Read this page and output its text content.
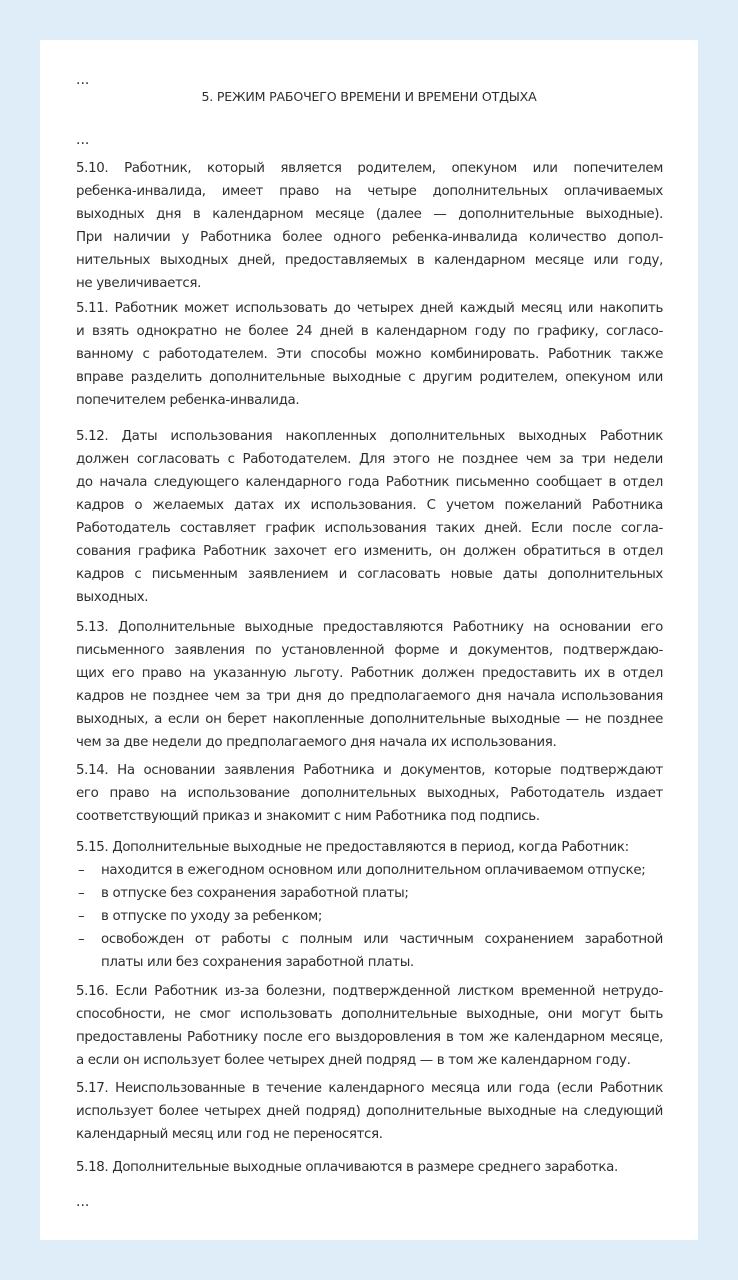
...
5. РЕЖИМ РАБОЧЕГО ВРЕМЕНИ И ВРЕМЕНИ ОТДЫХА
...
5.10. Работник, который является родителем, опекуном или попечителем
ребенка-инвалида, имеет право на четыре дополнительных оплачиваемых
выходных дня в календарном месяце (далее — дополнительные выходные).
При наличии у Работника более одного ребенка-инвалида количество допол-
нительных выходных дней, предоставляемых в календарном месяце или году,
не увеличивается.
5.11. Работник может использовать до четырех дней каждый месяц или накопить
и взять однократно не более 24 дней в календарном году по графику, согласо-
ванному с работодателем. Эти способы можно комбинировать. Работник также
вправе разделить дополнительные выходные с другим родителем, опекуном или
попечителем ребенка-инвалида.
5.12. Даты использования накопленных дополнительных выходных Работник
должен согласовать с Работодателем. Для этого не позднее чем за три недели
до начала следующего календарного года Работник письменно сообщает в отдел
кадров о желаемых датах их использования. С учетом пожеланий Работника
Работодатель составляет график использования таких дней. Если после согла-
сования графика Работник захочет его изменить, он должен обратиться в отдел
кадров с письменным заявлением и согласовать новые даты дополнительных
выходных.
5.13. Дополнительные выходные предоставляются Работнику на основании его
письменного заявления по установленной форме и документов, подтверждаю-
щих его право на указанную льготу. Работник должен предоставить их в отдел
кадров не позднее чем за три дня до предполагаемого дня начала использования
выходных, а если он берет накопленные дополнительные выходные — не позднее
чем за две недели до предполагаемого дня начала их использования.
5.14. На основании заявления Работника и документов, которые подтверждают
его право на использование дополнительных выходных, Работодатель издает
соответствующий приказ и знакомит с ним Работника под подпись.
5.15. Дополнительные выходные не предоставляются в период, когда Работник:
– находится в ежегодном основном или дополнительном оплачиваемом отпуске;
– в отпуске без сохранения заработной платы;
– в отпуске по уходу за ребенком;
– освобожден от работы с полным или частичным сохранением заработной
платы или без сохранения заработной платы.
5.16. Если Работник из-за болезни, подтвержденной листком временной нетрудо-
способности, не смог использовать дополнительные выходные, они могут быть
предоставлены Работнику после его выздоровления в том же календарном месяце,
а если он использует более четырех дней подряд — в том же календарном году.
5.17. Неиспользованные в течение календарного месяца или года (если Работник
использует более четырех дней подряд) дополнительные выходные на следующий
календарный месяц или год не переносятся.
5.18. Дополнительные выходные оплачиваются в размере среднего заработка.
...
